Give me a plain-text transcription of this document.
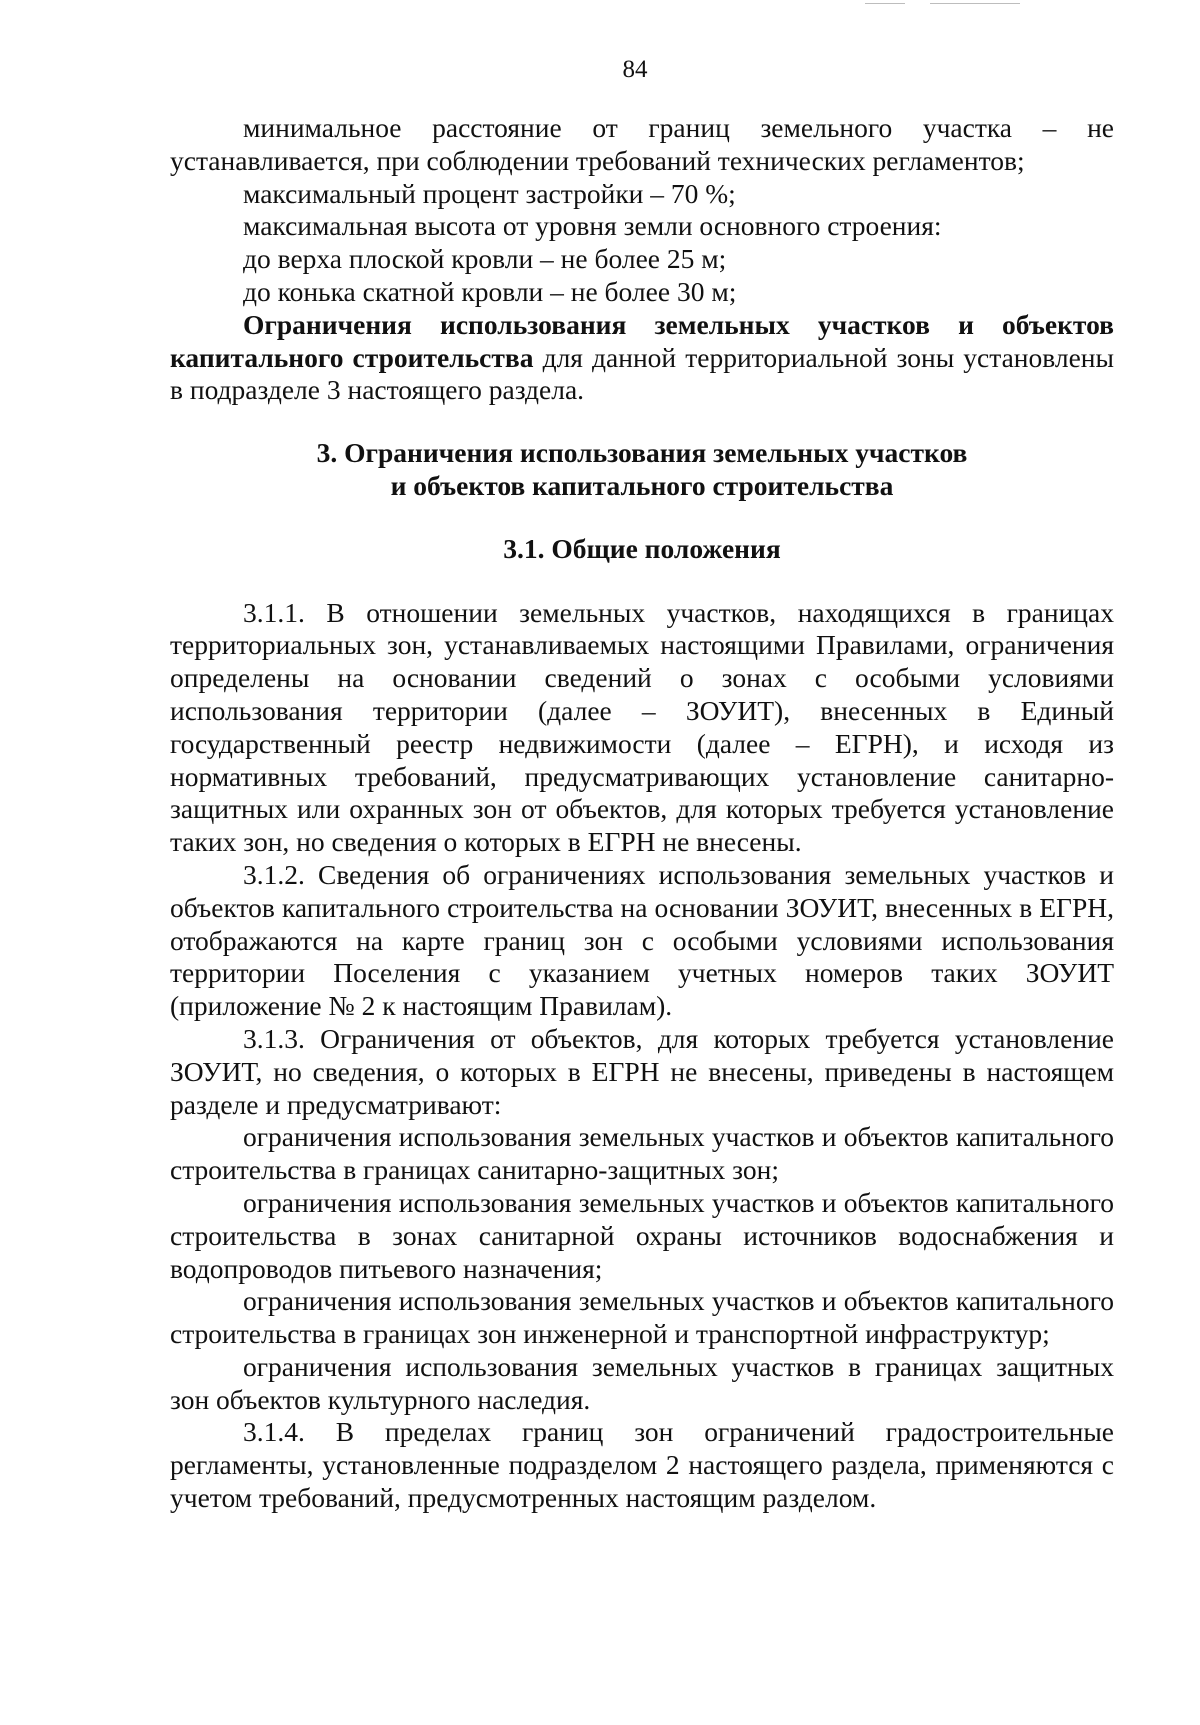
84

минимальное расстояние от границ земельного участка – не устанавливается, при соблюдении требований технических регламентов;

максимальный процент застройки – 70 %;

максимальная высота от уровня земли основного строения:

до верха плоской кровли – не более 25 м;

до конька скатной кровли – не более 30 м;

Ограничения использования земельных участков и объектов капитального строительства для данной территориальной зоны установлены в подразделе 3 настоящего раздела.

3. Ограничения использования земельных участков
и объектов капитального строительства

3.1. Общие положения

3.1.1. В отношении земельных участков, находящихся в границах территориальных зон, устанавливаемых настоящими Правилами, ограничения определены на основании сведений о зонах с особыми условиями использования территории (далее – ЗОУИТ), внесенных в Единый государственный реестр недвижимости (далее – ЕГРН), и исходя из нормативных требований, предусматривающих установление санитарно-защитных или охранных зон от объектов, для которых требуется установление таких зон, но сведения о которых в ЕГРН не внесены.

3.1.2. Сведения об ограничениях использования земельных участков и объектов капитального строительства на основании ЗОУИТ, внесенных в ЕГРН, отображаются на карте границ зон с особыми условиями использования территории Поселения с указанием учетных номеров таких ЗОУИТ (приложение № 2 к настоящим Правилам).

3.1.3. Ограничения от объектов, для которых требуется установление ЗОУИТ, но сведения, о которых в ЕГРН не внесены, приведены в настоящем разделе и предусматривают:

ограничения использования земельных участков и объектов капитального строительства в границах санитарно-защитных зон;

ограничения использования земельных участков и объектов капитального строительства в зонах санитарной охраны источников водоснабжения и водопроводов питьевого назначения;

ограничения использования земельных участков и объектов капитального строительства в границах зон инженерной и транспортной инфраструктур;

ограничения использования земельных участков в границах защитных зон объектов культурного наследия.

3.1.4. В пределах границ зон ограничений градостроительные регламенты, установленные подразделом 2 настоящего раздела, применяются с учетом требований, предусмотренных настоящим разделом.
